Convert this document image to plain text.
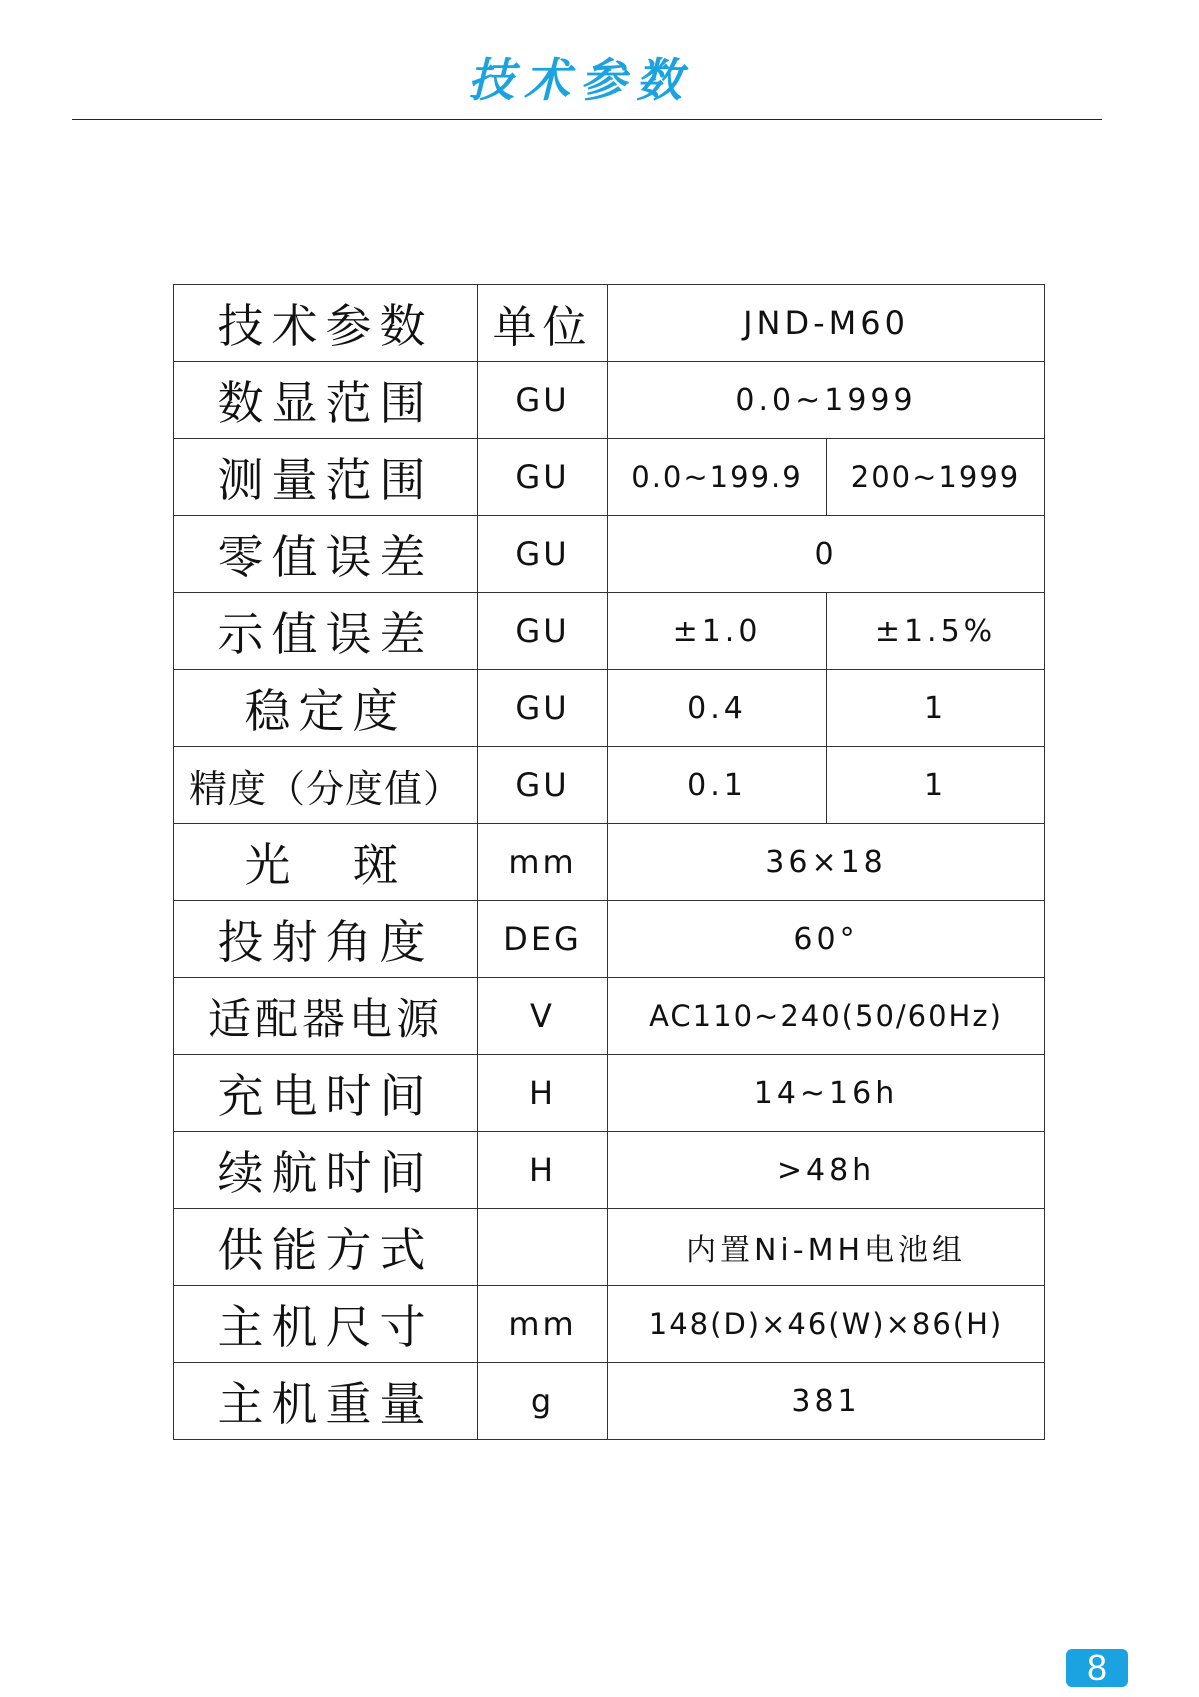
技术参数
技术参数	单位	JND-M60	
数显范围	GU	0.0~1999	
测量范围	GU	0.0~199.9	200~1999
零值误差	GU	0	
示值误差	GU	±1.0	±1.5%
稳定度	GU	0.4	1
精度（分度值）	GU	0.1	1
光　斑	mm	36×18	
投射角度	DEG	60°	
适配器电源	V	AC110~240(50/60Hz)	
充电时间	H	14~16h	
续航时间	H	>48h	
供能方式		内置Ni-MH电池组	
主机尺寸	mm	148(D)×46(W)×86(H)	
主机重量	g	381	
8
